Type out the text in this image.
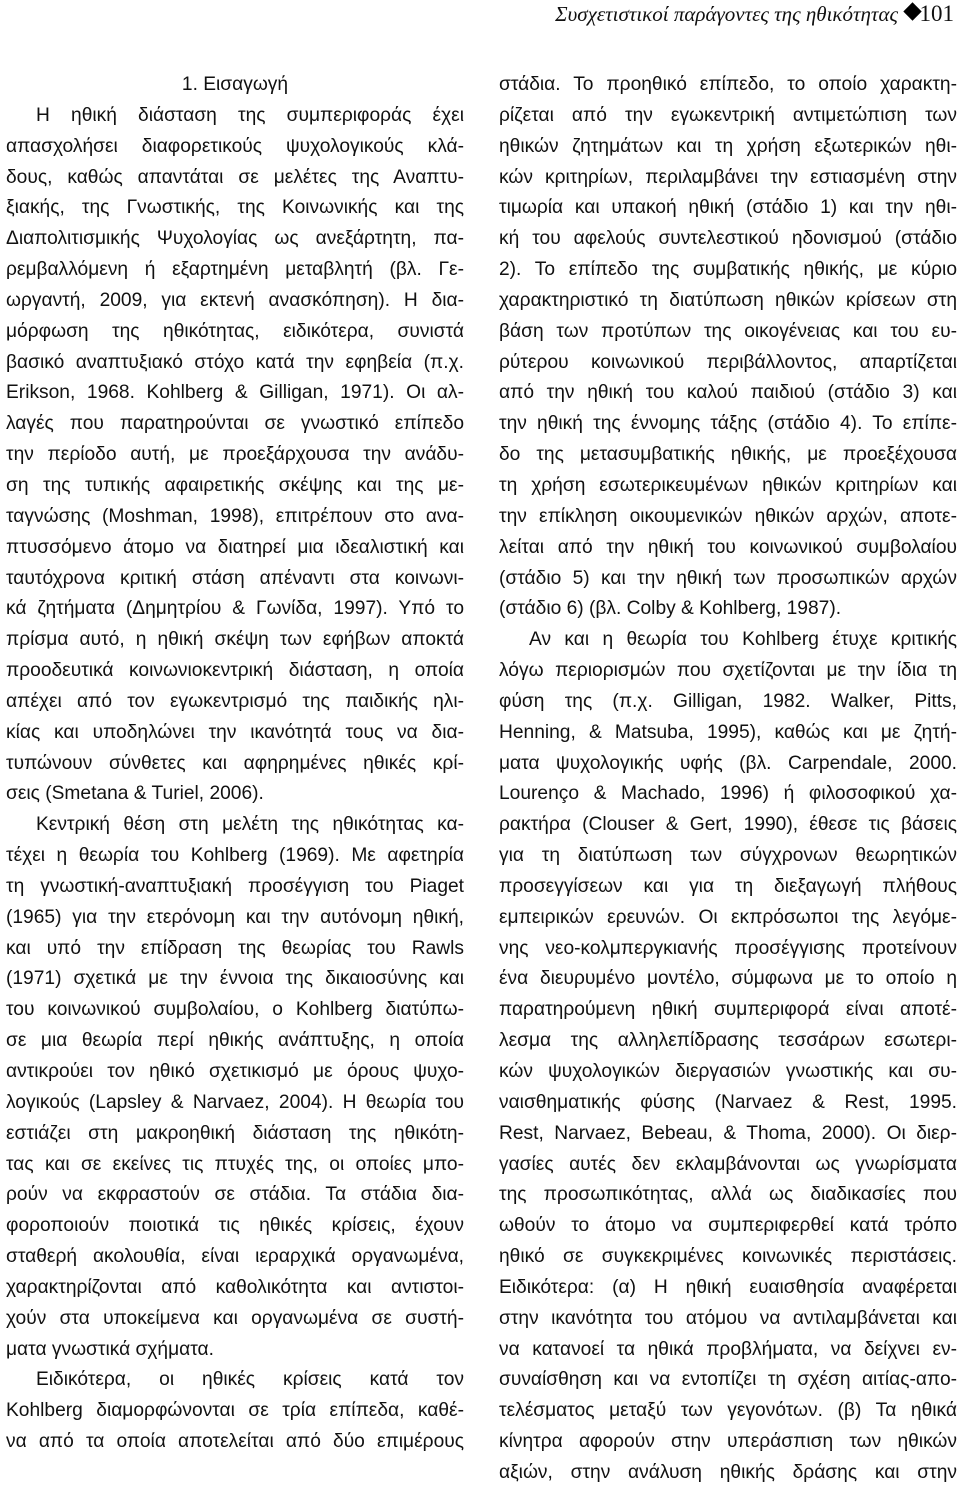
Συσχετιστικοί παράγοντες της ηθικότητας 101
1. Εισαγωγή
Η ηθική διάσταση της συμπεριφοράς έχει
απασχολήσει διαφορετικούς ψυχολογικούς κλά-
δους, καθώς απαντάται σε μελέτες της Αναπτυ-
ξιακής, της Γνωστικής, της Κοινωνικής και της
Διαπολιτισμικής Ψυχολογίας ως ανεξάρτητη, πα-
ρεμβαλλόμενη ή εξαρτημένη μεταβλητή (βλ. Γε-
ωργαντή, 2009, για εκτενή ανασκόπηση). Η δια-
μόρφωση της ηθικότητας, ειδικότερα, συνιστά
βασικό αναπτυξιακό στόχο κατά την εφηβεία (π.χ.
Erikson, 1968. Kohlberg & Gilligan, 1971). Οι αλ-
λαγές που παρατηρούνται σε γνωστικό επίπεδο
την περίοδο αυτή, με προεξάρχουσα την ανάδυ-
ση της τυπικής αφαιρετικής σκέψης και της με-
ταγνώσης (Moshman, 1998), επιτρέπουν στο ανα-
πτυσσόμενο άτομο να διατηρεί μια ιδεαλιστική και
ταυτόχρονα κριτική στάση απέναντι στα κοινωνι-
κά ζητήματα (Δημητρίου & Γωνίδα, 1997). Υπό το
πρίσμα αυτό, η ηθική σκέψη των εφήβων αποκτά
προοδευτικά κοινωνιοκεντρική διάσταση, η οποία
απέχει από τον εγωκεντρισμό της παιδικής ηλι-
κίας και υποδηλώνει την ικανότητά τους να δια-
τυπώνουν σύνθετες και αφηρημένες ηθικές κρί-
σεις (Smetana & Turiel, 2006).
Κεντρική θέση στη μελέτη της ηθικότητας κα-
τέχει η θεωρία του Kohlberg (1969). Με αφετηρία
τη γνωστική-αναπτυξιακή προσέγγιση του Piaget
(1965) για την ετερόνομη και την αυτόνομη ηθική,
και υπό την επίδραση της θεωρίας του Rawls
(1971) σχετικά με την έννοια της δικαιοσύνης και
του κοινωνικού συμβολαίου, ο Kohlberg διατύπω-
σε μια θεωρία περί ηθικής ανάπτυξης, η οποία
αντικρούει τον ηθικό σχετικισμό με όρους ψυχο-
λογικούς (Lapsley & Narvaez, 2004). Η θεωρία του
εστιάζει στη μακροηθική διάσταση της ηθικότη-
τας και σε εκείνες τις πτυχές της, οι οποίες μπο-
ρούν να εκφραστούν σε στάδια. Τα στάδια δια-
φοροποιούν ποιοτικά τις ηθικές κρίσεις, έχουν
σταθερή ακολουθία, είναι ιεραρχικά οργανωμένα,
χαρακτηρίζονται από καθολικότητα και αντιστοι-
χούν στα υποκείμενα και οργανωμένα σε συστή-
ματα γνωστικά σχήματα.
Ειδικότερα, οι ηθικές κρίσεις κατά τον
Kohlberg διαμορφώνονται σε τρία επίπεδα, καθέ-
να από τα οποία αποτελείται από δύο επιμέρους
στάδια. Το προηθικό επίπεδο, το οποίο χαρακτη-
ρίζεται από την εγωκεντρική αντιμετώπιση των
ηθικών ζητημάτων και τη χρήση εξωτερικών ηθι-
κών κριτηρίων, περιλαμβάνει την εστιασμένη στην
τιμωρία και υπακοή ηθική (στάδιο 1) και την ηθι-
κή του αφελούς συντελεστικού ηδονισμού (στάδιο
2). Το επίπεδο της συμβατικής ηθικής, με κύριο
χαρακτηριστικό τη διατύπωση ηθικών κρίσεων στη
βάση των προτύπων της οικογένειας και του ευ-
ρύτερου κοινωνικού περιβάλλοντος, απαρτίζεται
από την ηθική του καλού παιδιού (στάδιο 3) και
την ηθική της έννομης τάξης (στάδιο 4). Το επίπε-
δο της μετασυμβατικής ηθικής, με προεξέχουσα
τη χρήση εσωτερικευμένων ηθικών κριτηρίων και
την επίκληση οικουμενικών ηθικών αρχών, αποτε-
λείται από την ηθική του κοινωνικού συμβολαίου
(στάδιο 5) και την ηθική των προσωπικών αρχών
(στάδιο 6) (βλ. Colby & Kohlberg, 1987).
Αν και η θεωρία του Kohlberg έτυχε κριτικής
λόγω περιορισμών που σχετίζονται με την ίδια τη
φύση της (π.χ. Gilligan, 1982. Walker, Pitts,
Henning, & Matsuba, 1995), καθώς και με ζητή-
ματα ψυχολογικής υφής (βλ. Carpendale, 2000.
Lourenço & Machado, 1996) ή φιλοσοφικού χα-
ρακτήρα (Clouser & Gert, 1990), έθεσε τις βάσεις
για τη διατύπωση των σύγχρονων θεωρητικών
προσεγγίσεων και για τη διεξαγωγή πλήθους
εμπειρικών ερευνών. Οι εκπρόσωποι της λεγόμε-
νης νεο-κολμπεργκιανής προσέγγισης προτείνουν
ένα διευρυμένο μοντέλο, σύμφωνα με το οποίο η
παρατηρούμενη ηθική συμπεριφορά είναι αποτέ-
λεσμα της αλληλεπίδρασης τεσσάρων εσωτερι-
κών ψυχολογικών διεργασιών γνωστικής και συ-
ναισθηματικής φύσης (Narvaez & Rest, 1995.
Rest, Narvaez, Bebeau, & Thoma, 2000). Οι διερ-
γασίες αυτές δεν εκλαμβάνονται ως γνωρίσματα
της προσωπικότητας, αλλά ως διαδικασίες που
ωθούν το άτομο να συμπεριφερθεί κατά τρόπο
ηθικό σε συγκεκριμένες κοινωνικές περιστάσεις.
Ειδικότερα: (α) Η ηθική ευαισθησία αναφέρεται
στην ικανότητα του ατόμου να αντιλαμβάνεται και
να κατανοεί τα ηθικά προβλήματα, να δείχνει εν-
συναίσθηση και να εντοπίζει τη σχέση αιτίας-απο-
τελέσματος μεταξύ των γεγονότων. (β) Τα ηθικά
κίνητρα αφορούν στην υπεράσπιση των ηθικών
αξιών, στην ανάλυση ηθικής δράσης και στην
